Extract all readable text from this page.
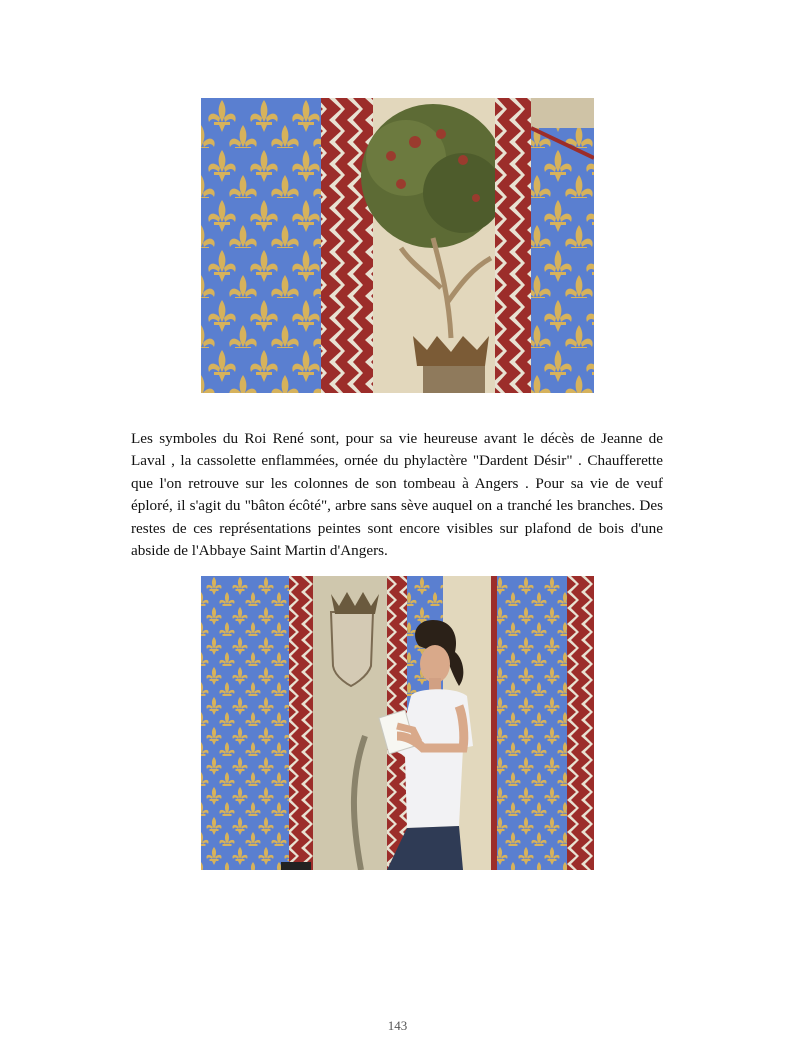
Les symboles du Roi René sont, pour sa vie heureuse avant le décès de Jeanne de Laval , la cassolette enflammées, ornée du phylactère "Dardent Désir" . Chaufferette que l'on retrouve sur les colonnes de son tombeau à Angers . Pour sa vie de veuf éploré, il s'agit du "bâton écôté", arbre sans sève auquel on a tranché les branches. Des restes de ces représentations peintes sont encore visibles sur plafond de bois d'une abside de l'Abbaye Saint Martin d'Angers.

143
